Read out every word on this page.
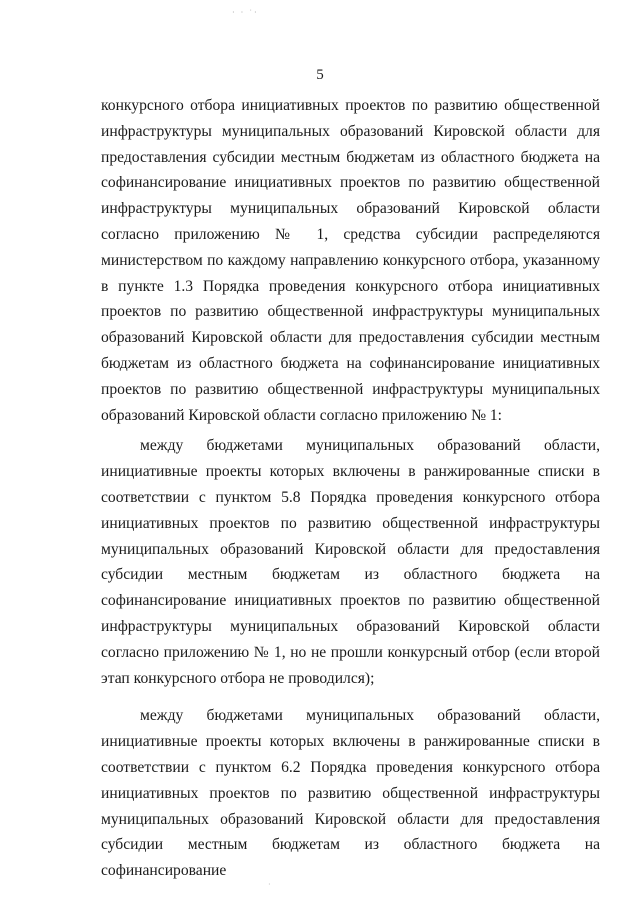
· · ˙·
5

конкурсного отбора инициативных проектов по развитию общественной инфраструктуры муниципальных образований Кировской области для предоставления субсидии местным бюджетам из областного бюджета на софинансирование инициативных проектов по развитию общественной инфраструктуры муниципальных образований Кировской области согласно приложению № 1, средства субсидии распределяются министерством по каждому направлению конкурсного отбора, указанному в пункте 1.3 Порядка проведения конкурсного отбора инициативных проектов по развитию общественной инфраструктуры муниципальных образований Кировской области для предоставления субсидии местным бюджетам из областного бюджета на софинансирование инициативных проектов по развитию общественной инфраструктуры муниципальных образований Кировской области согласно приложению № 1:

между бюджетами муниципальных образований области, инициативные проекты которых включены в ранжированные списки в соответствии с пунктом 5.8 Порядка проведения конкурсного отбора инициативных проектов по развитию общественной инфраструктуры муниципальных образований Кировской области для предоставления субсидии местным бюджетам из областного бюджета на софинансирование инициативных проектов по развитию общественной инфраструктуры муниципальных образований Кировской области согласно приложению № 1, но не прошли конкурсный отбор (если второй этап конкурсного отбора не проводился);

между бюджетами муниципальных образований области, инициативные проекты которых включены в ранжированные списки в соответствии с пунктом 6.2 Порядка проведения конкурсного отбора инициативных проектов по развитию общественной инфраструктуры муниципальных образований Кировской области для предоставления субсидии местным бюджетам из областного бюджета на софинансирование

·
